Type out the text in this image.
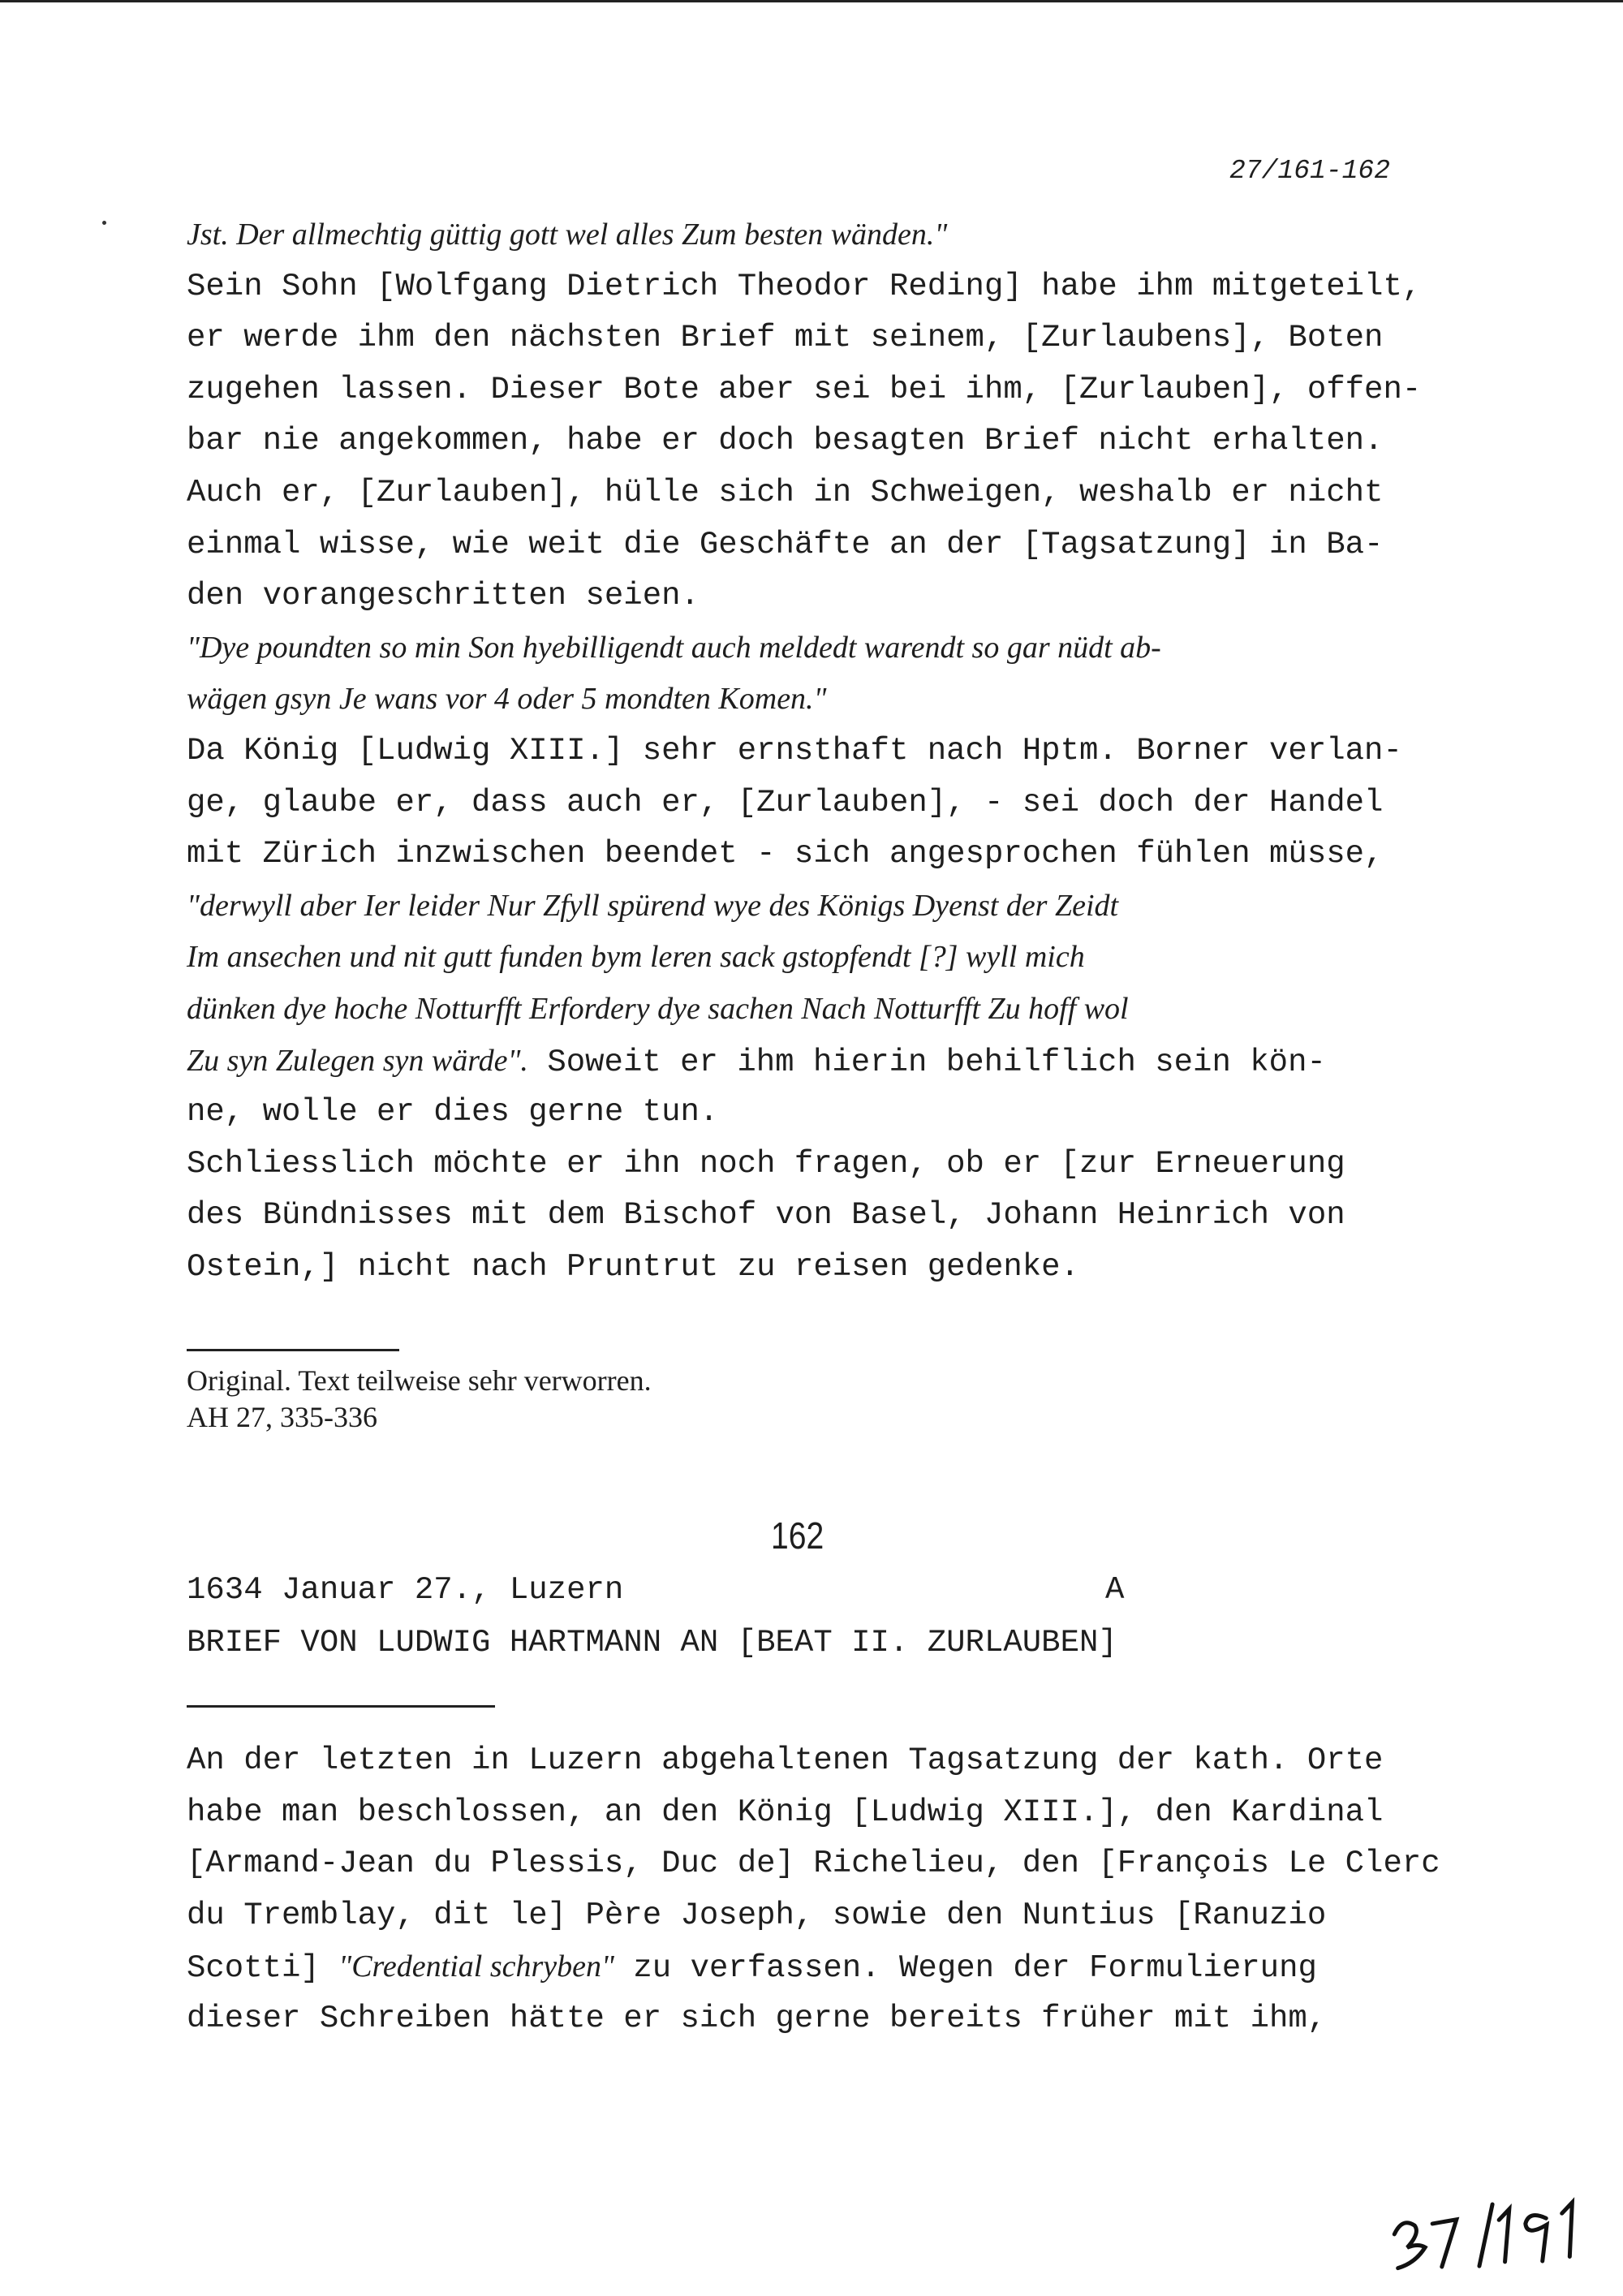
27/161-162
Jst. Der allmechtig güttig gott wel alles Zum besten wänden."
Sein Sohn [Wolfgang Dietrich Theodor Reding] habe ihm mitgeteilt,
er werde ihm den nächsten Brief mit seinem, [Zurlaubens], Boten
zugehen lassen. Dieser Bote aber sei bei ihm, [Zurlauben], offen-
bar nie angekommen, habe er doch besagten Brief nicht erhalten.
Auch er, [Zurlauben], hülle sich in Schweigen, weshalb er nicht
einmal wisse, wie weit die Geschäfte an der [Tagsatzung] in Ba-
den vorangeschritten seien.
"Dye poundten so min Son hyebilligendt auch meldedt warendt so gar nüdt ab-
wägen gsyn Je wans vor 4 oder 5 mondten Komen."
Da König [Ludwig XIII.] sehr ernsthaft nach Hptm. Borner verlan-
ge, glaube er, dass auch er, [Zurlauben], - sei doch der Handel
mit Zürich inzwischen beendet - sich angesprochen fühlen müsse,
"derwyll aber Ier leider Nur Zfyll spürend wye des Königs Dyenst der Zeidt
Im ansechen und nit gutt funden bym leren sack gstopfendt [?] wyll mich
dünken dye hoche Notturfft Erfordery dye sachen Nach Notturfft Zu hoff wol
Zu syn Zulegen syn wärde". Soweit er ihm hierin behilflich sein kön-
ne, wolle er dies gerne tun.
Schliesslich möchte er ihn noch fragen, ob er [zur Erneuerung
des Bündnisses mit dem Bischof von Basel, Johann Heinrich von
Ostein,] nicht nach Pruntrut zu reisen gedenke.
Original. Text teilweise sehr verworren.
AH 27, 335-336
162
1634 Januar 27., Luzern	A
BRIEF VON LUDWIG HARTMANN AN [BEAT II. ZURLAUBEN]
An der letzten in Luzern abgehaltenen Tagsatzung der kath. Orte
habe man beschlossen, an den König [Ludwig XIII.], den Kardinal
[Armand-Jean du Plessis, Duc de] Richelieu, den [François Le Clerc
du Tremblay, dit le] Père Joseph, sowie den Nuntius [Ranuzio
Scotti] "Credential schryben" zu verfassen. Wegen der Formulierung
dieser Schreiben hätte er sich gerne bereits früher mit ihm,
